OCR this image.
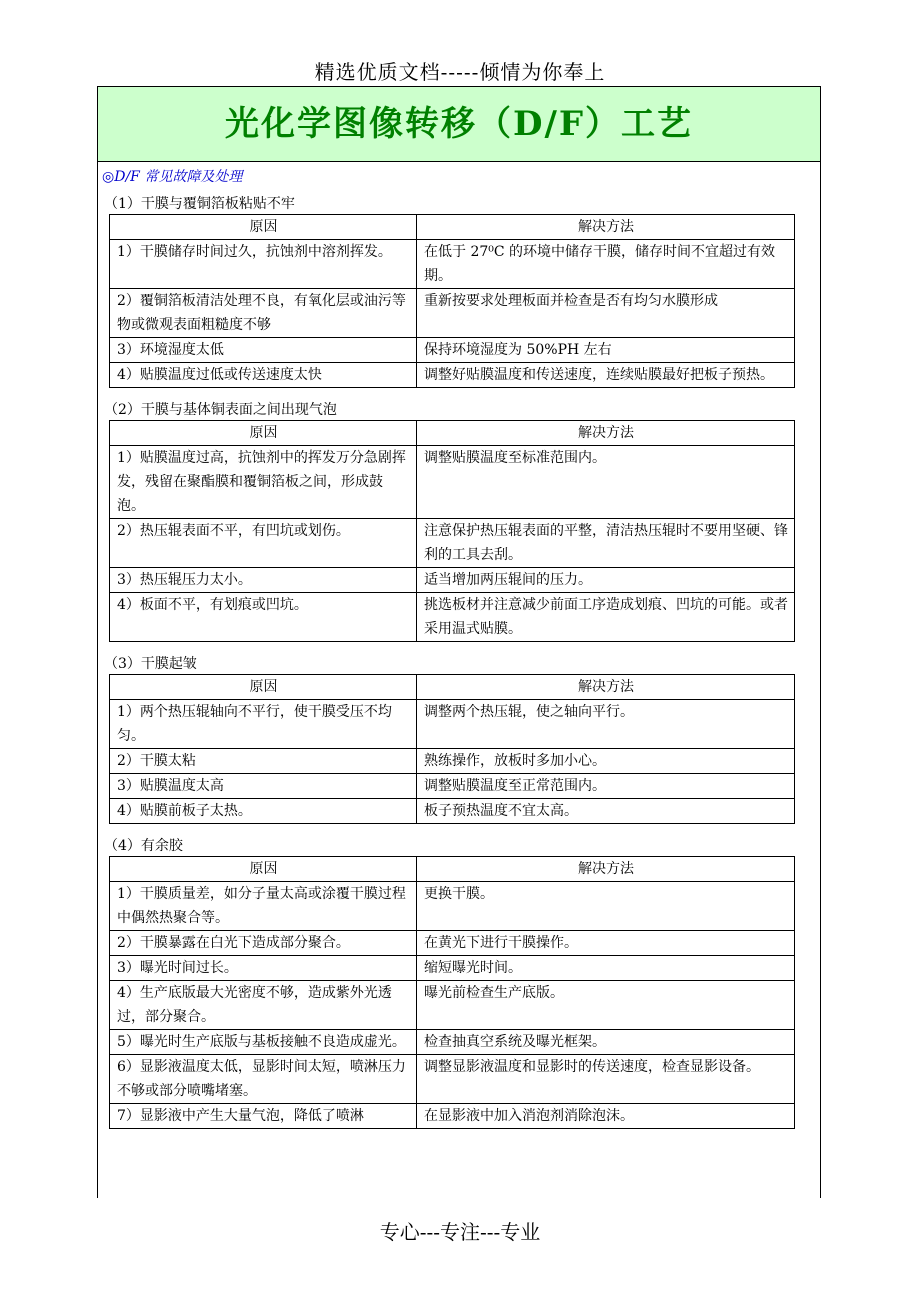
精选优质文档-----倾情为你奉上
光化学图像转移（D/F）工艺
◎D/F 常见故障及处理
（1）干膜与覆铜箔板粘贴不牢
原因	解决方法
1）干膜储存时间过久，抗蚀剂中溶剂挥发。	在低于 27⁰C 的环境中储存干膜，储存时间不宜超过有效期。
2）覆铜箔板清洁处理不良，有氧化层或油污等物或微观表面粗糙度不够	重新按要求处理板面并检查是否有均匀水膜形成
3）环境湿度太低	保持环境湿度为 50%PH 左右
4）贴膜温度过低或传送速度太快	调整好贴膜温度和传送速度，连续贴膜最好把板子预热。
（2）干膜与基体铜表面之间出现气泡
原因	解决方法
1）贴膜温度过高，抗蚀剂中的挥发万分急剧挥发，残留在聚酯膜和覆铜箔板之间，形成鼓泡。	调整贴膜温度至标准范围内。
2）热压辊表面不平，有凹坑或划伤。	注意保护热压辊表面的平整，清洁热压辊时不要用坚硬、锋利的工具去刮。
3）热压辊压力太小。	适当增加两压辊间的压力。
4）板面不平，有划痕或凹坑。	挑选板材并注意减少前面工序造成划痕、凹坑的可能。或者采用温式贴膜。
（3）干膜起皱
原因	解决方法
1）两个热压辊轴向不平行，使干膜受压不均匀。	调整两个热压辊，使之轴向平行。
2）干膜太粘	熟练操作，放板时多加小心。
3）贴膜温度太高	调整贴膜温度至正常范围内。
4）贴膜前板子太热。	板子预热温度不宜太高。
（4）有余胶
原因	解决方法
1）干膜质量差，如分子量太高或涂覆干膜过程中偶然热聚合等。	更换干膜。
2）干膜暴露在白光下造成部分聚合。	在黄光下进行干膜操作。
3）曝光时间过长。	缩短曝光时间。
4）生产底版最大光密度不够，造成紫外光透过，部分聚合。	曝光前检查生产底版。
5）曝光时生产底版与基板接触不良造成虚光。	检查抽真空系统及曝光框架。
6）显影液温度太低，显影时间太短，喷淋压力不够或部分喷嘴堵塞。	调整显影液温度和显影时的传送速度，检查显影设备。
7）显影液中产生大量气泡，降低了喷淋	在显影液中加入消泡剂消除泡沫。
专心---专注---专业
